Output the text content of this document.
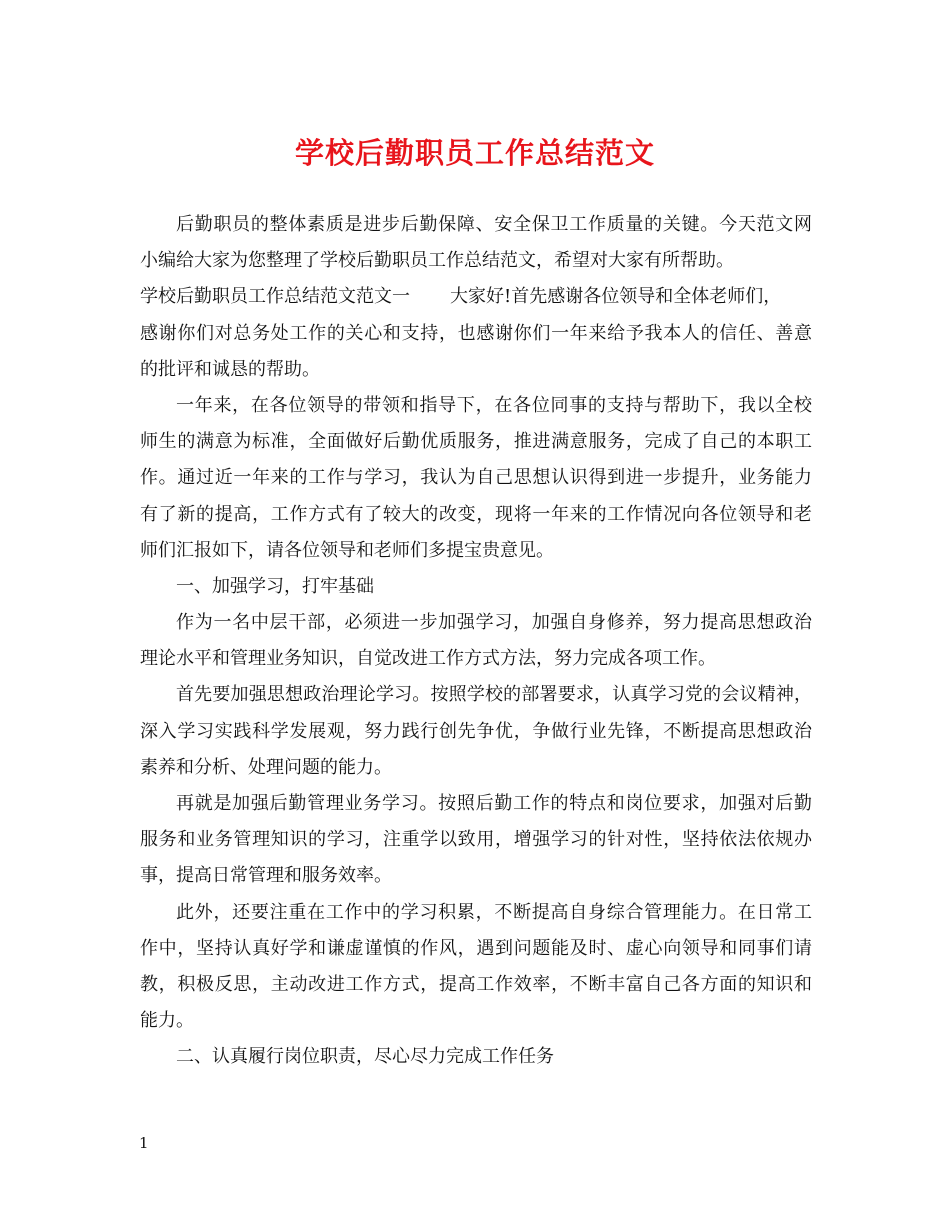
学校后勤职员工作总结范文
后勤职员的整体素质是进步后勤保障、安全保卫工作质量的关键。今天范文网
小编给大家为您整理了学校后勤职员工作总结范文，希望对大家有所帮助。
学校后勤职员工作总结范文范文一 大家好!首先感谢各位领导和全体老师们，
感谢你们对总务处工作的关心和支持，也感谢你们一年来给予我本人的信任、善意
的批评和诚恳的帮助。
一年来，在各位领导的带领和指导下，在各位同事的支持与帮助下，我以全校
师生的满意为标准，全面做好后勤优质服务，推进满意服务，完成了自己的本职工
作。通过近一年来的工作与学习，我认为自己思想认识得到进一步提升，业务能力
有了新的提高，工作方式有了较大的改变，现将一年来的工作情况向各位领导和老
师们汇报如下，请各位领导和老师们多提宝贵意见。
一、加强学习，打牢基础
作为一名中层干部，必须进一步加强学习，加强自身修养，努力提高思想政治
理论水平和管理业务知识，自觉改进工作方式方法，努力完成各项工作。
首先要加强思想政治理论学习。按照学校的部署要求，认真学习党的会议精神，
深入学习实践科学发展观，努力践行创先争优，争做行业先锋，不断提高思想政治
素养和分析、处理问题的能力。
再就是加强后勤管理业务学习。按照后勤工作的特点和岗位要求，加强对后勤
服务和业务管理知识的学习，注重学以致用，增强学习的针对性，坚持依法依规办
事，提高日常管理和服务效率。
此外，还要注重在工作中的学习积累，不断提高自身综合管理能力。在日常工
作中，坚持认真好学和谦虚谨慎的作风，遇到问题能及时、虚心向领导和同事们请
教，积极反思，主动改进工作方式，提高工作效率，不断丰富自己各方面的知识和
能力。
二、认真履行岗位职责，尽心尽力完成工作任务
1
